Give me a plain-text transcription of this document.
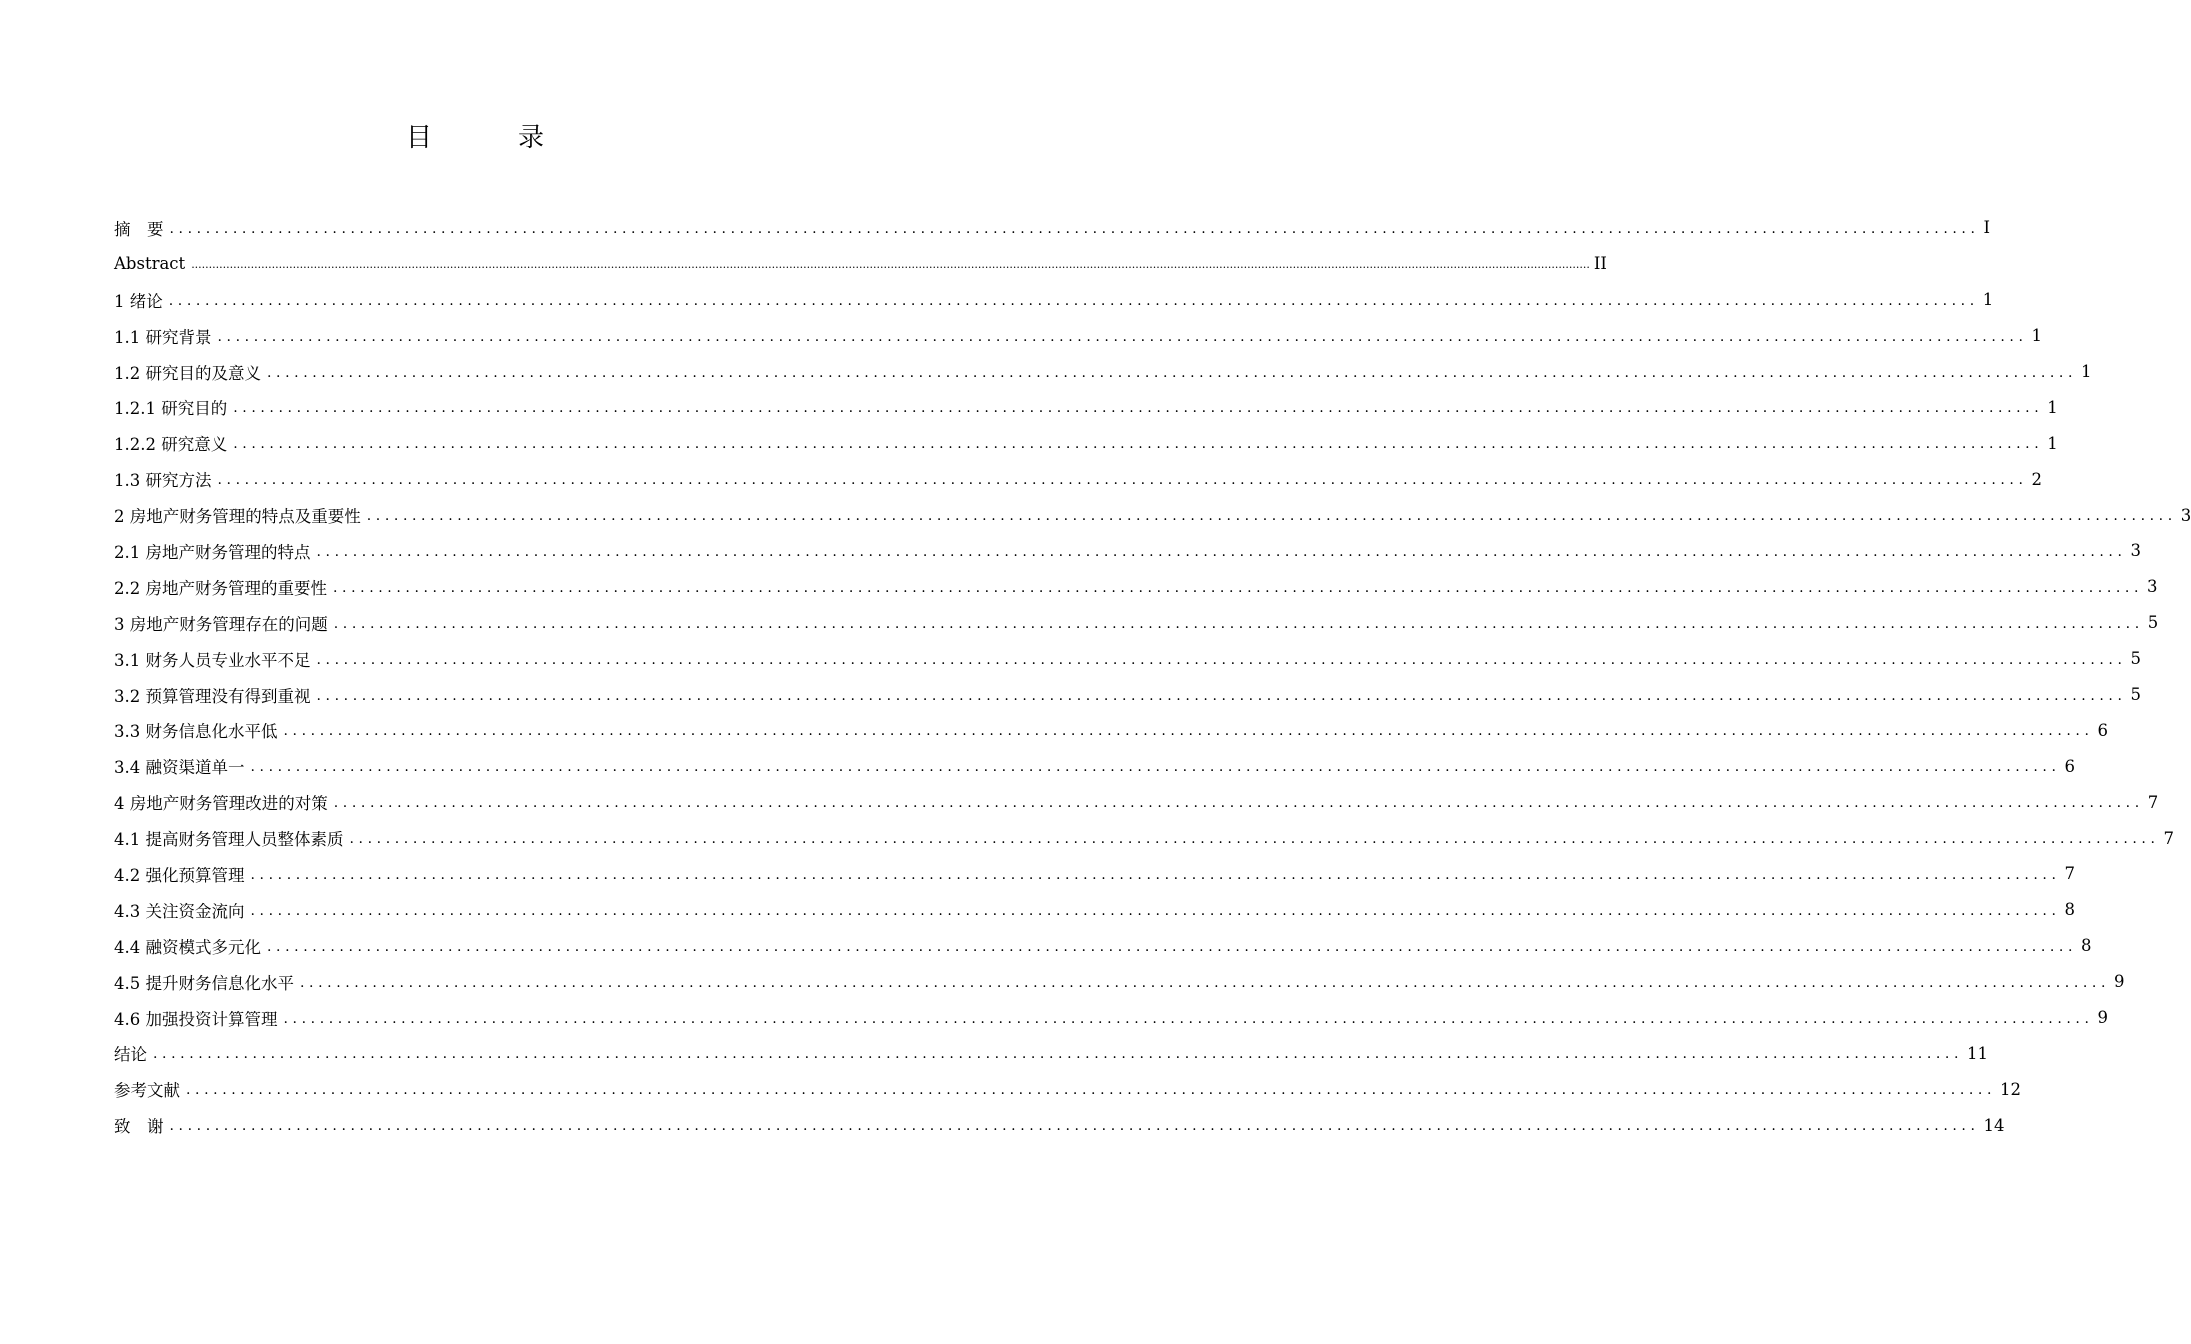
目　录
摘　要 ........................................................................................................................................................................................................ I
Abstract ................................................................................................................................................................................................................................................................................................................................................................................................................ II
1 绪论 ........................................................................................................................................................................................................ 1
1.1 研究背景 ........................................................................................................................................................................................................ 1
1.2 研究目的及意义 ........................................................................................................................................................................................................ 1
1.2.1 研究目的 ........................................................................................................................................................................................................ 1
1.2.2 研究意义 ........................................................................................................................................................................................................ 1
1.3 研究方法 ........................................................................................................................................................................................................ 2
2 房地产财务管理的特点及重要性 ........................................................................................................................................................................................................ 3
2.1 房地产财务管理的特点 ........................................................................................................................................................................................................ 3
2.2 房地产财务管理的重要性 ........................................................................................................................................................................................................ 3
3 房地产财务管理存在的问题 ........................................................................................................................................................................................................ 5
3.1 财务人员专业水平不足 ........................................................................................................................................................................................................ 5
3.2 预算管理没有得到重视 ........................................................................................................................................................................................................ 5
3.3 财务信息化水平低 ........................................................................................................................................................................................................ 6
3.4 融资渠道单一 ........................................................................................................................................................................................................ 6
4 房地产财务管理改进的对策 ........................................................................................................................................................................................................ 7
4.1 提高财务管理人员整体素质 ........................................................................................................................................................................................................ 7
4.2 强化预算管理 ........................................................................................................................................................................................................ 7
4.3 关注资金流向 ........................................................................................................................................................................................................ 8
4.4 融资模式多元化 ........................................................................................................................................................................................................ 8
4.5 提升财务信息化水平 ........................................................................................................................................................................................................ 9
4.6 加强投资计算管理 ........................................................................................................................................................................................................ 9
结论 ........................................................................................................................................................................................................ 11
参考文献 ........................................................................................................................................................................................................ 12
致　谢 ........................................................................................................................................................................................................ 14
